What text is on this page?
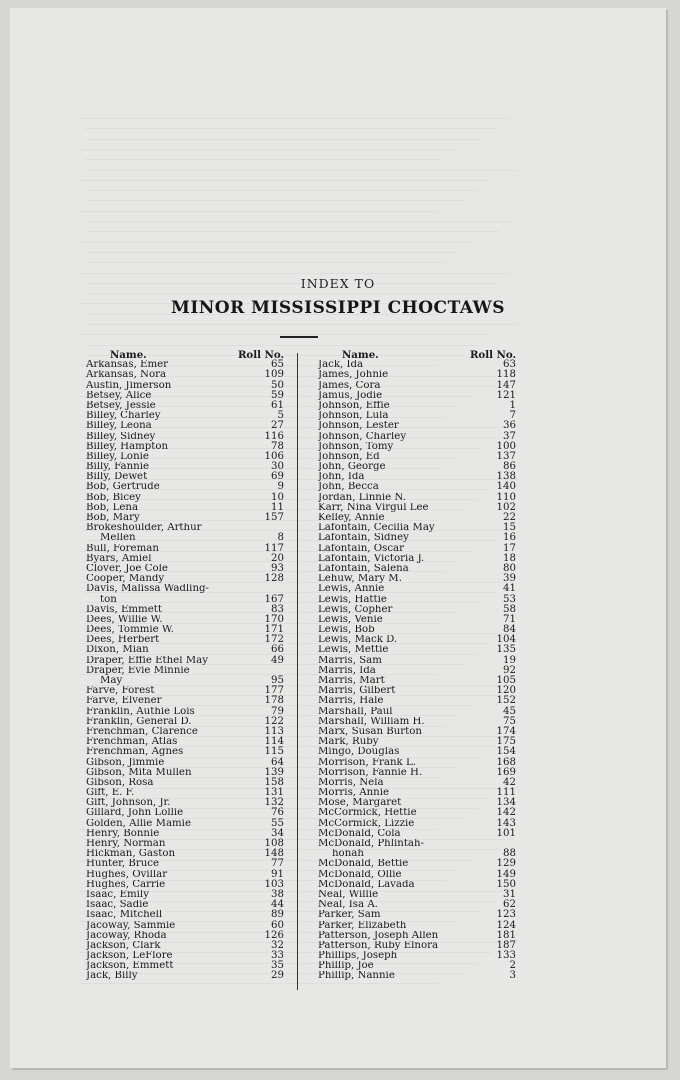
INDEX TO
MINOR MISSISSIPPI CHOCTAWS
Name.	Roll No.
Arkansas, Emer	65
Arkansas, Nora	109
Austin, Jimerson	50
Betsey, Alice	59
Betsey, Jessie	61
Billey, Charley	5
Billey, Leona	27
Billey, Sidney	116
Billey, Hampton	78
Billey, Lonie	106
Billy, Fannie	30
Billy, Dewet	69
Bob, Gertrude	9
Bob, Bicey	10
Bob, Lena	11
Bob, Mary	157
Brokeshoulder, Arthur
Mellen	8
Bull, Foreman	117
Byars, Amiel	20
Clover, Joe Cole	93
Cooper, Mandy	128
Davis, Malissa Wadling-
ton	167
Davis, Emmett	83
Dees, Willie W.	170
Dees, Tommie W.	171
Dees, Herbert	172
Dixon, Mian	66
Draper, Effie Ethel May	49
Draper, Evie Minnie
May	95
Farve, Forest	177
Farve, Elvener	178
Franklin, Authie Lois	79
Franklin, General D.	122
Frenchman, Clarence	113
Frenchman, Atlas	114
Frenchman, Agnes	115
Gibson, Jimmie	64
Gibson, Mita Mullen	139
Gibson, Rosa	158
Gift, E. F.	131
Gift, Johnson, Jr.	132
Gillard, John Lollie	76
Golden, Allie Mamie	55
Henry, Bonnie	34
Henry, Norman	108
Hickman, Gaston	148
Hunter, Bruce	77
Hughes, Ovillar	91
Hughes, Carrie	103
Isaac, Emily	38
Isaac, Sadie	44
Isaac, Mitchell	89
Jacoway, Sammie	60
Jacoway, Rhoda	126
Jackson, Clark	32
Jackson, LeFlore	33
Jackson, Emmett	35
Jack, Billy	29
Name.	Roll No.
Jack, Ida	63
James, Johnie	118
James, Cora	147
Jamus, Jodie	121
Johnson, Effie	1
Johnson, Lula	7
Johnson, Lester	36
Johnson, Charley	37
Johnson, Tomy	100
Johnson, Ed	137
John, George	86
John, Ida	138
John, Becca	140
Jordan, Linnie N.	110
Karr, Nina Virgul Lee	102
Kelley, Annie	22
Lafontain, Cecilia May	15
Lafontain, Sidney	16
Lafontain, Oscar	17
Lafontain, Victoria J.	18
Lafontain, Salena	80
Lehuw, Mary M.	39
Lewis, Annie	41
Lewis, Hattie	53
Lewis, Copher	58
Lewis, Venie	71
Lewis, Bob	84
Lewis, Mack D.	104
Lewis, Mettie	135
Marris, Sam	19
Marris, Ida	92
Marris, Mart	105
Marris, Gilbert	120
Marris, Hale	152
Marshall, Paul	45
Marshall, William H.	75
Marx, Susan Burton	174
Mark, Ruby	175
Mingo, Douglas	154
Morrison, Frank L.	168
Morrison, Fannie H.	169
Morris, Nela	42
Morris, Annie	111
Mose, Margaret	134
McCormick, Hettie	142
McCormick, Lizzie	143
McDonald, Cola	101
McDonald, Phlintah-
honah	88
McDonald, Bettie	129
McDonald, Ollie	149
McDonald, Lavada	150
Neal, Willie	31
Neal, Isa A.	62
Parker, Sam	123
Parker, Elizabeth	124
Patterson, Joseph Allen	181
Patterson, Ruby Elnora	187
Phillips, Joseph	133
Phillip, Joe	2
Phillip, Nannie	3
